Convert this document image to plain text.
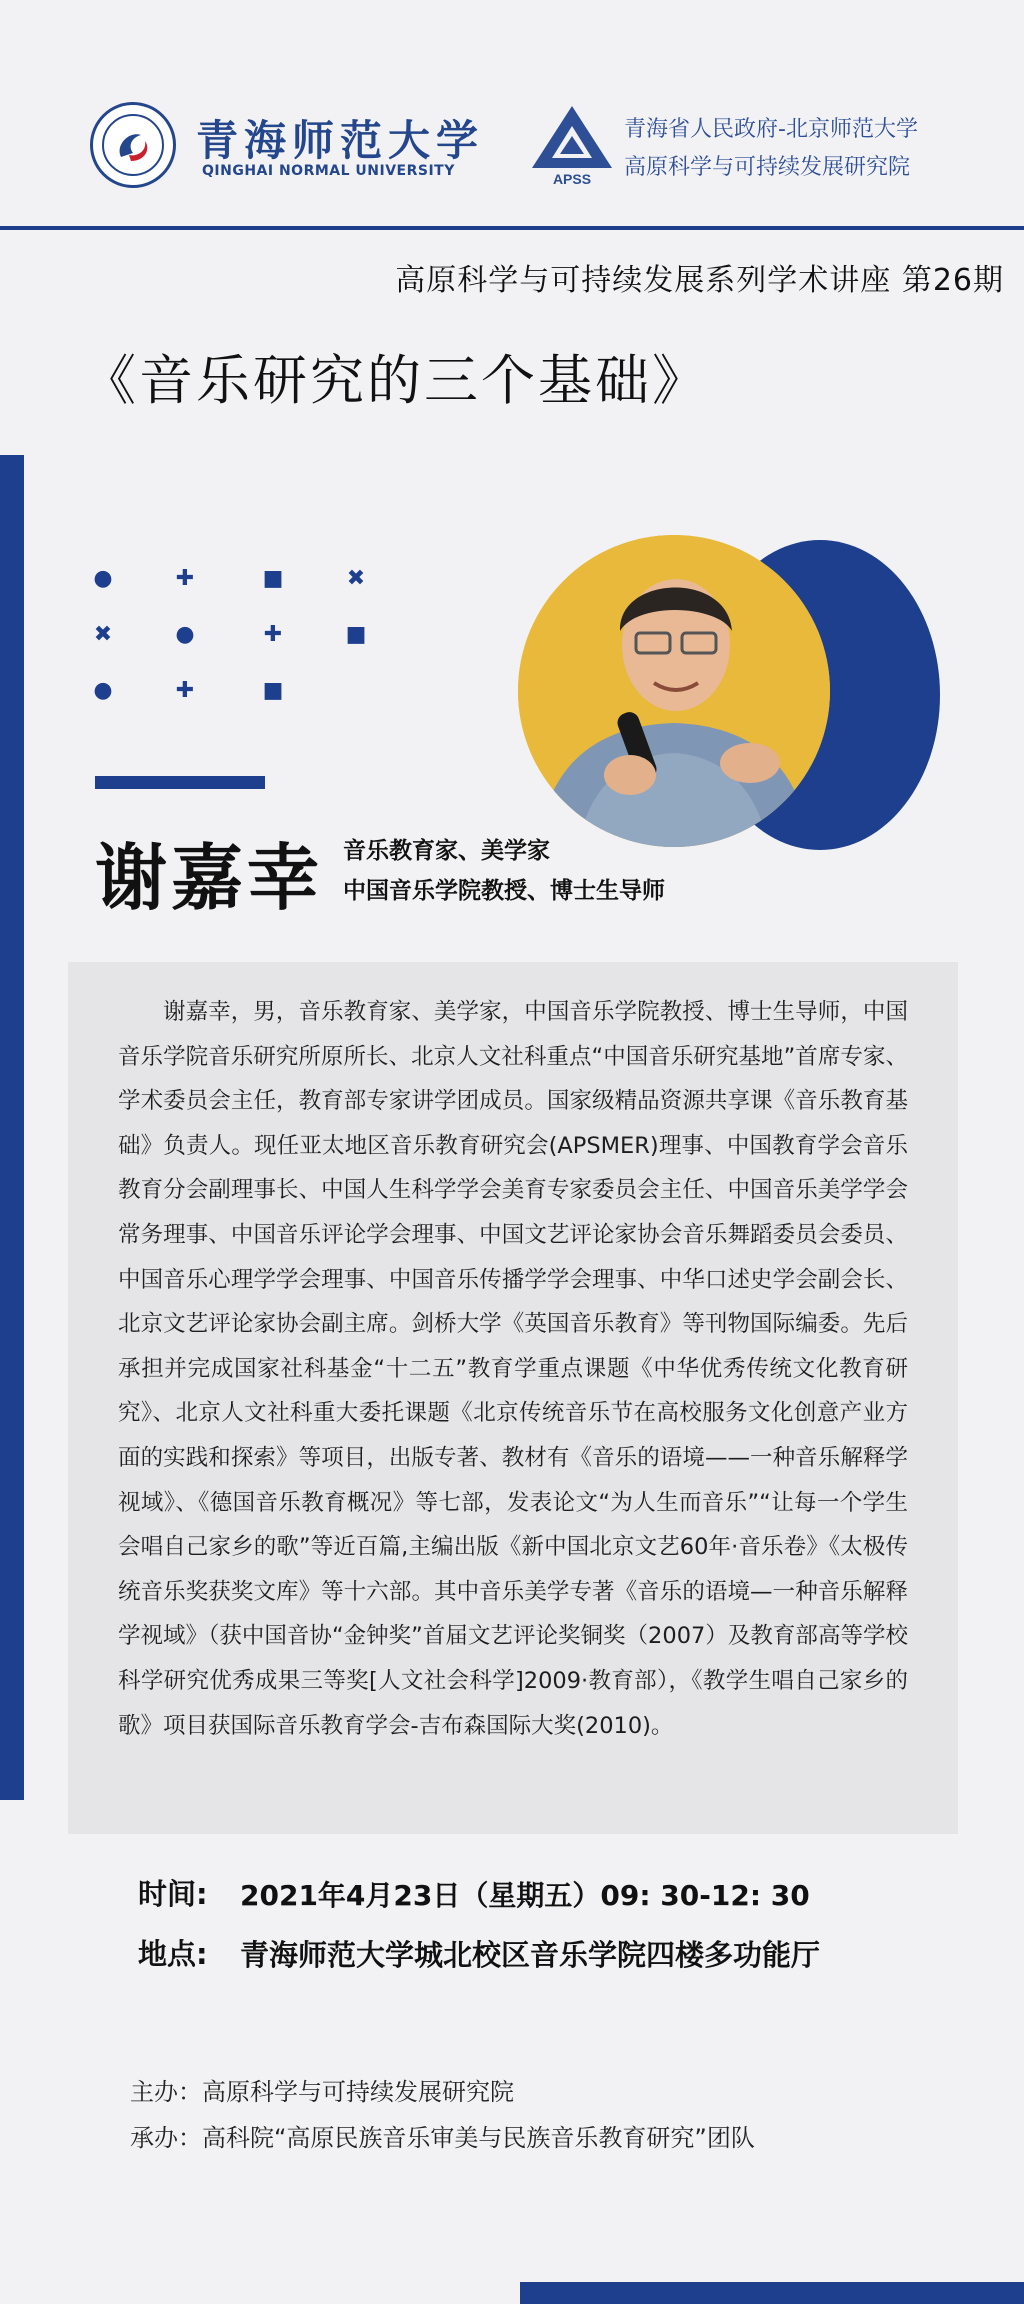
青海师范大学
QINGHAI NORMAL UNIVERSITY	APSS
青海省人民政府-北京师范大学
高原科学与可持续发展研究院
高原科学与可持续发展系列学术讲座 第26期
《音乐研究的三个基础》
●	✚	■	✖
✖	●	✚	■
●	✚	■
谢嘉幸 音乐教育家、美学家
中国音乐学院教授、博士生导师

谢嘉幸，男，音乐教育家、美学家，中国音乐学院教授、博士生导师，中国音乐学院音乐研究所原所长、北京人文社科重点“中国音乐研究基地”首席专家、学术委员会主任，教育部专家讲学团成员。国家级精品资源共享课《音乐教育基础》负责人。现任亚太地区音乐教育研究会(APSMER)理事、中国教育学会音乐教育分会副理事长、中国人生科学学会美育专家委员会主任、中国音乐美学学会常务理事、中国音乐评论学会理事、中国文艺评论家协会音乐舞蹈委员会委员、中国音乐心理学学会理事、中国音乐传播学学会理事、中华口述史学会副会长、北京文艺评论家协会副主席。剑桥大学《英国音乐教育》等刊物国际编委。先后承担并完成国家社科基金“十二五”教育学重点课题《中华优秀传统文化教育研究》、北京人文社科重大委托课题《北京传统音乐节在高校服务文化创意产业方面的实践和探索》等项目，出版专著、教材有《音乐的语境——一种音乐解释学视域》、《德国音乐教育概况》等七部，发表论文“为人生而音乐”“让每一个学生会唱自己家乡的歌”等近百篇,主编出版《新中国北京文艺60年·音乐卷》《太极传统音乐奖获奖文库》等十六部。其中音乐美学专著《音乐的语境—一种音乐解释学视域》（获中国音协“金钟奖”首届文艺评论奖铜奖（2007）及教育部高等学校科学研究优秀成果三等奖[人文社会科学]2009·教育部），《教学生唱自己家乡的歌》项目获国际音乐教育学会-吉布森国际大奖(2010)。

时间: 2021年4月23日（星期五）09: 30-12: 30
地点: 青海师范大学城北校区音乐学院四楼多功能厅
主办：高原科学与可持续发展研究院
承办：高科院“高原民族音乐审美与民族音乐教育研究”团队
